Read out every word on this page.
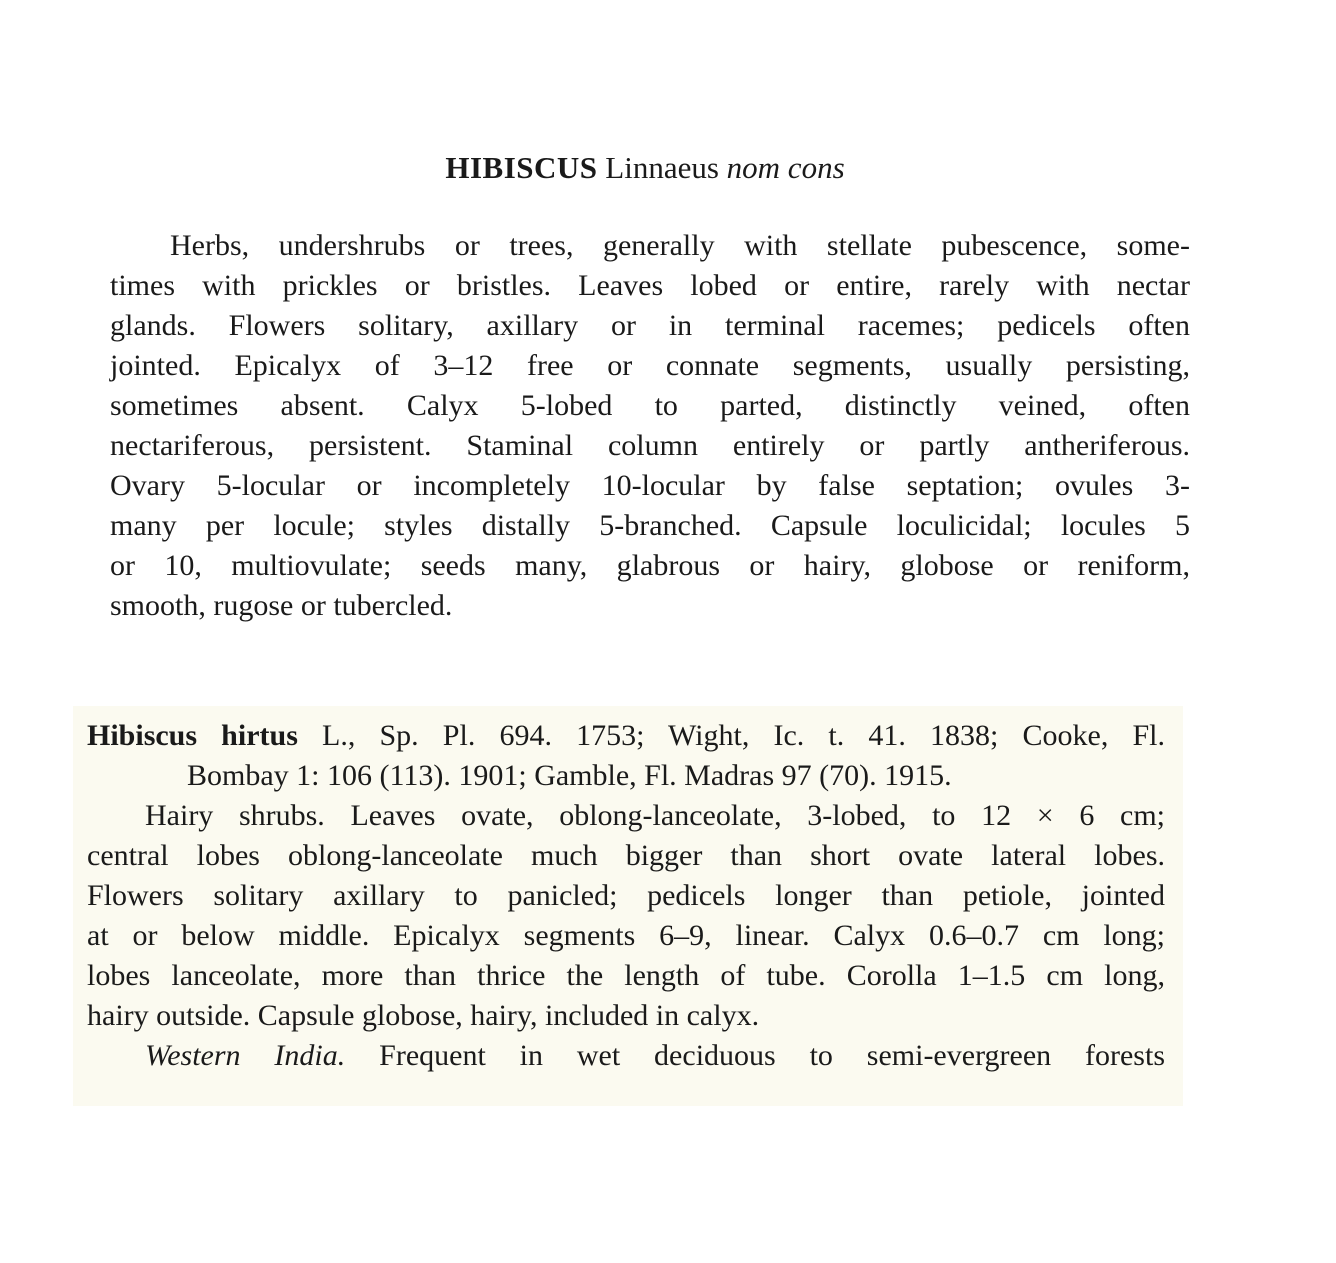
HIBISCUS Linnaeus nom cons
Herbs, undershrubs or trees, generally with stellate pubescence, some-
times with prickles or bristles. Leaves lobed or entire, rarely with nectar
glands. Flowers solitary, axillary or in terminal racemes; pedicels often
jointed. Epicalyx of 3–12 free or connate segments, usually persisting,
sometimes absent. Calyx 5-lobed to parted, distinctly veined, often
nectariferous, persistent. Staminal column entirely or partly antheriferous.
Ovary 5-locular or incompletely 10-locular by false septation; ovules 3-
many per locule; styles distally 5-branched. Capsule loculicidal; locules 5
or 10, multiovulate; seeds many, glabrous or hairy, globose or reniform,
smooth, rugose or tubercled.
Hibiscus hirtus L., Sp. Pl. 694. 1753; Wight, Ic. t. 41. 1838; Cooke, Fl.
Bombay 1: 106 (113). 1901; Gamble, Fl. Madras 97 (70). 1915.
Hairy shrubs. Leaves ovate, oblong-lanceolate, 3-lobed, to 12 × 6 cm;
central lobes oblong-lanceolate much bigger than short ovate lateral lobes.
Flowers solitary axillary to panicled; pedicels longer than petiole, jointed
at or below middle. Epicalyx segments 6–9, linear. Calyx 0.6–0.7 cm long;
lobes lanceolate, more than thrice the length of tube. Corolla 1–1.5 cm long,
hairy outside. Capsule globose, hairy, included in calyx.
Western India. Frequent in wet deciduous to semi-evergreen forests
